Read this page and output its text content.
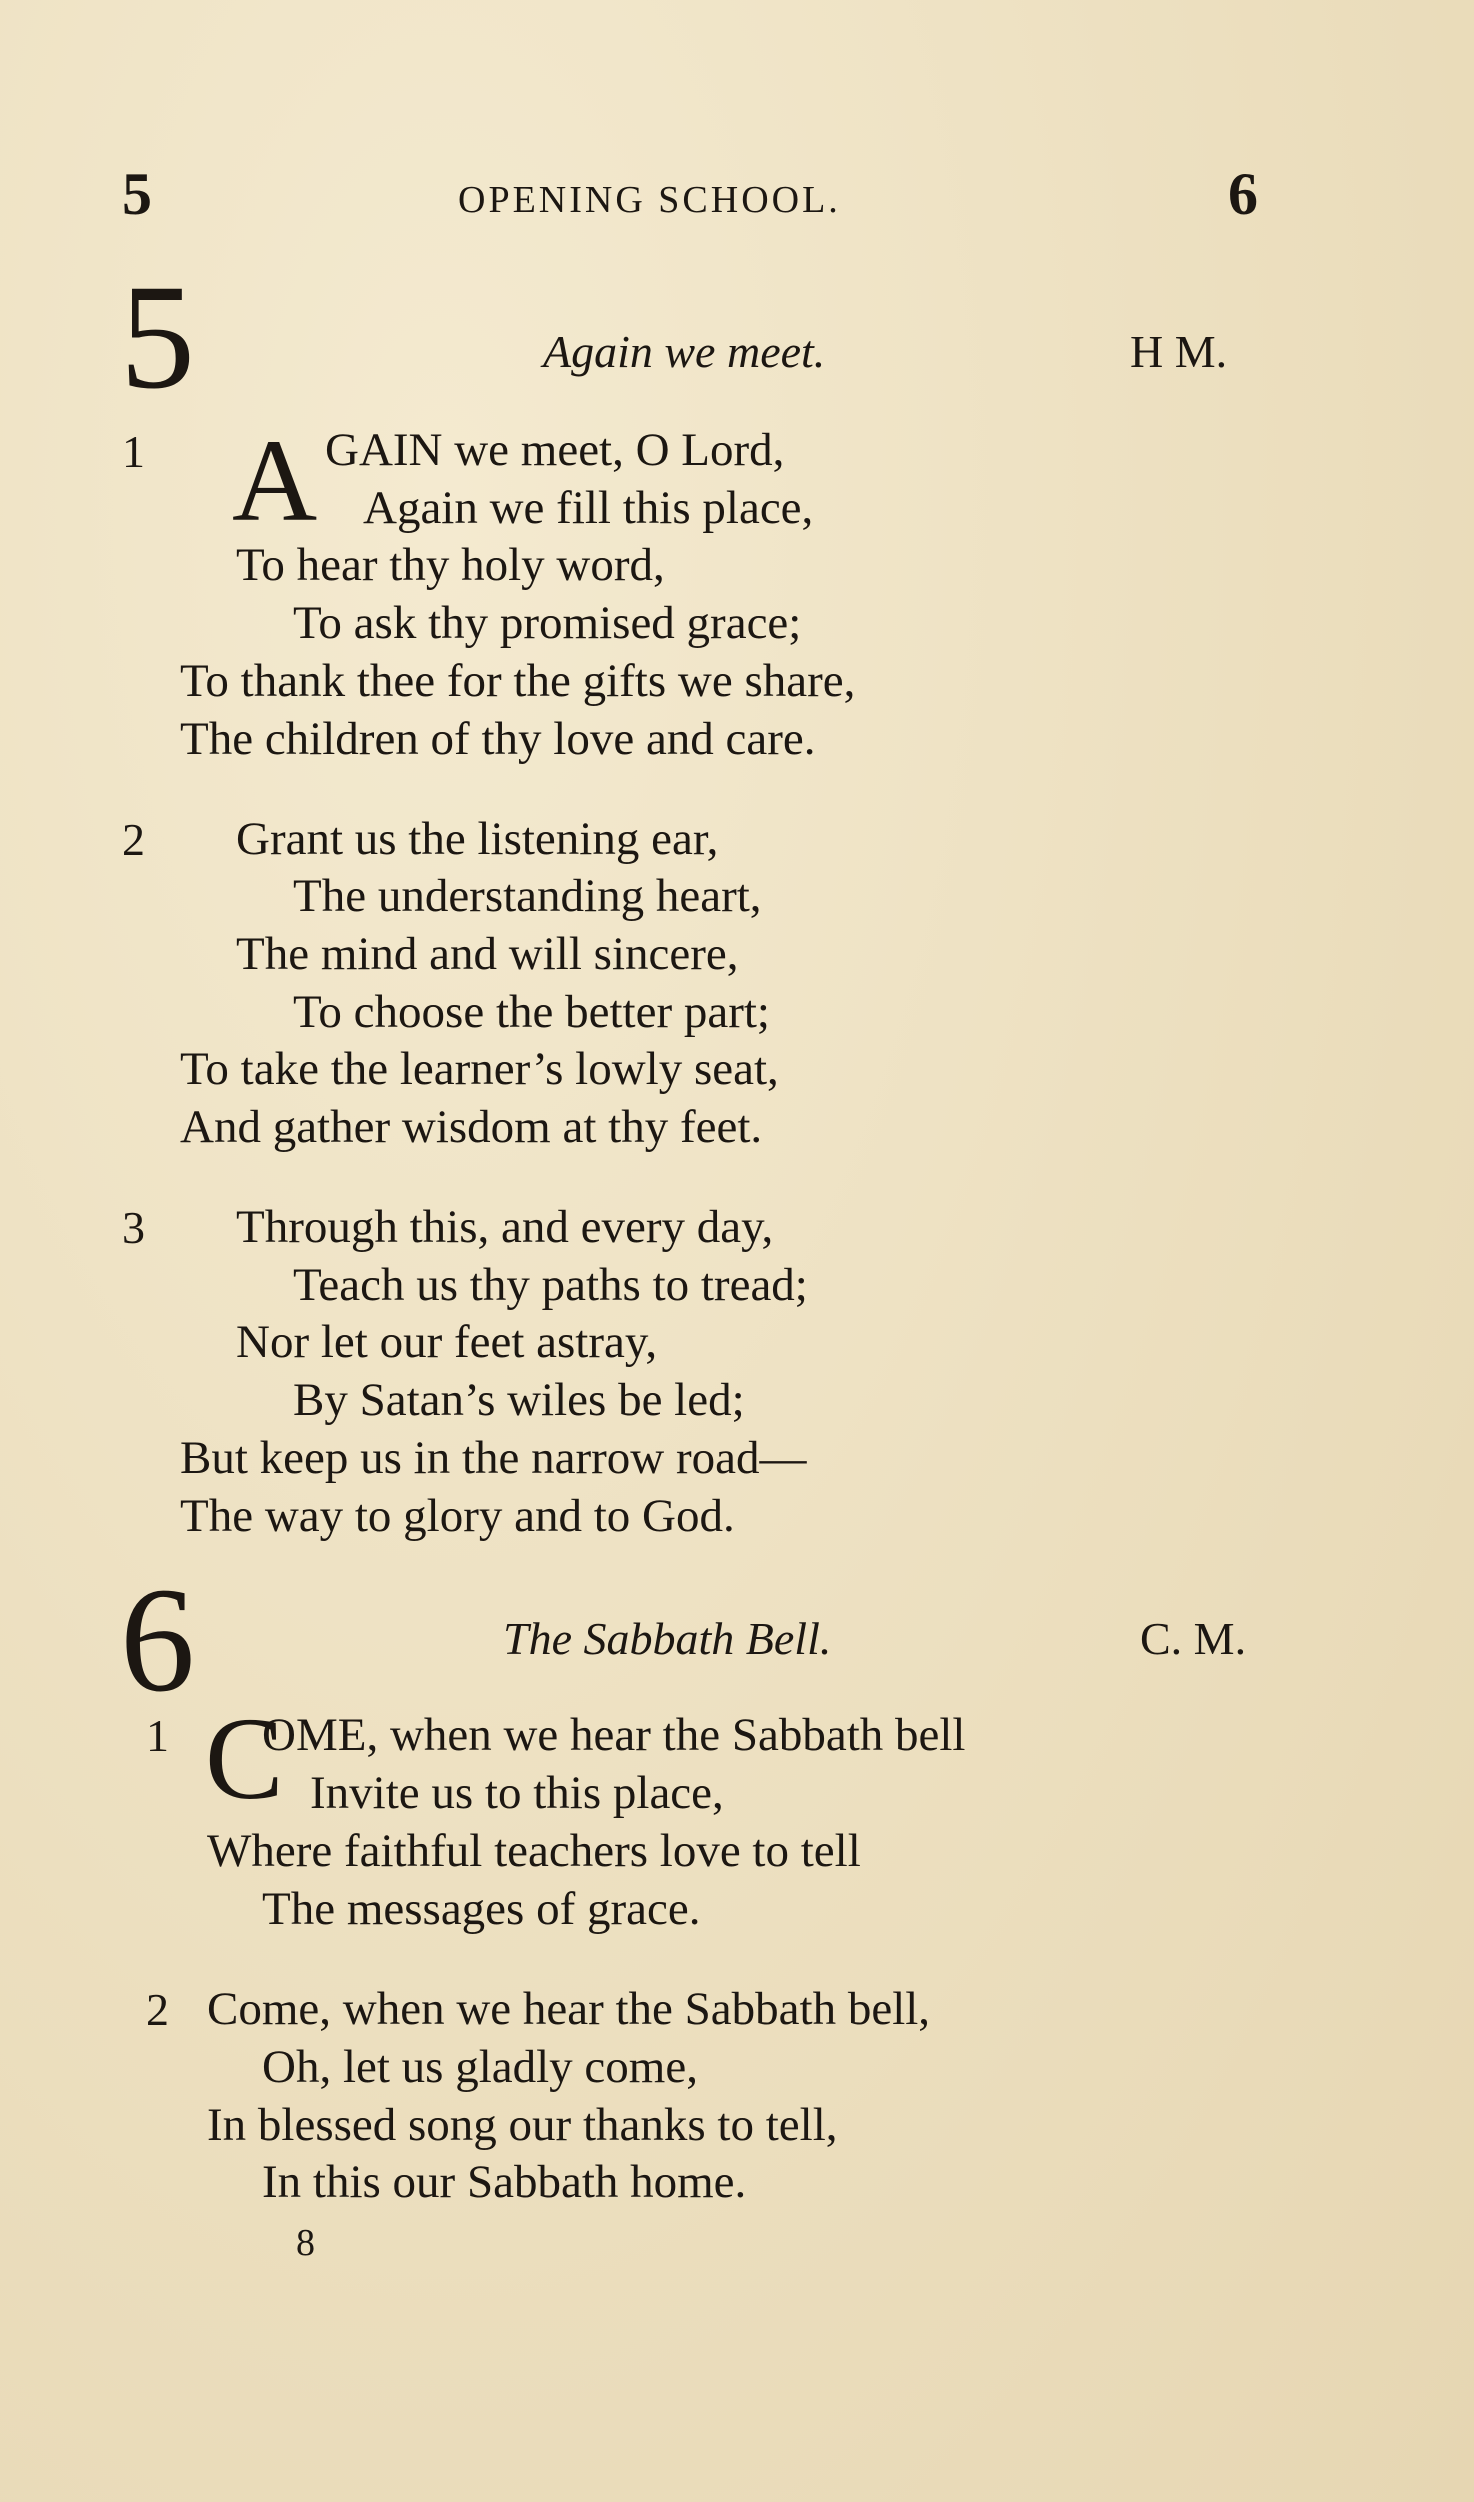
5	OPENING SCHOOL.	6
5	Again we meet.	H M.
1 A GAIN we meet, O Lord,
Again we fill this place,
To hear thy holy word,
To ask thy promised grace;
To thank thee for the gifts we share,
The children of thy love and care.
2 Grant us the listening ear,
The understanding heart,
The mind and will sincere,
To choose the better part;
To take the learner’s lowly seat,
And gather wisdom at thy feet.
3 Through this, and every day,
Teach us thy paths to tread;
Nor let our feet astray,
By Satan’s wiles be led;
But keep us in the narrow road—
The way to glory and to God.
6	The Sabbath Bell.	C. M.
1 C
OME, when we hear the Sabbath bell
Invite us to this place,
Where faithful teachers love to tell
The messages of grace.
2 Come, when we hear the Sabbath bell,
Oh, let us gladly come,
In blessed song our thanks to tell,
In this our Sabbath home.
8
